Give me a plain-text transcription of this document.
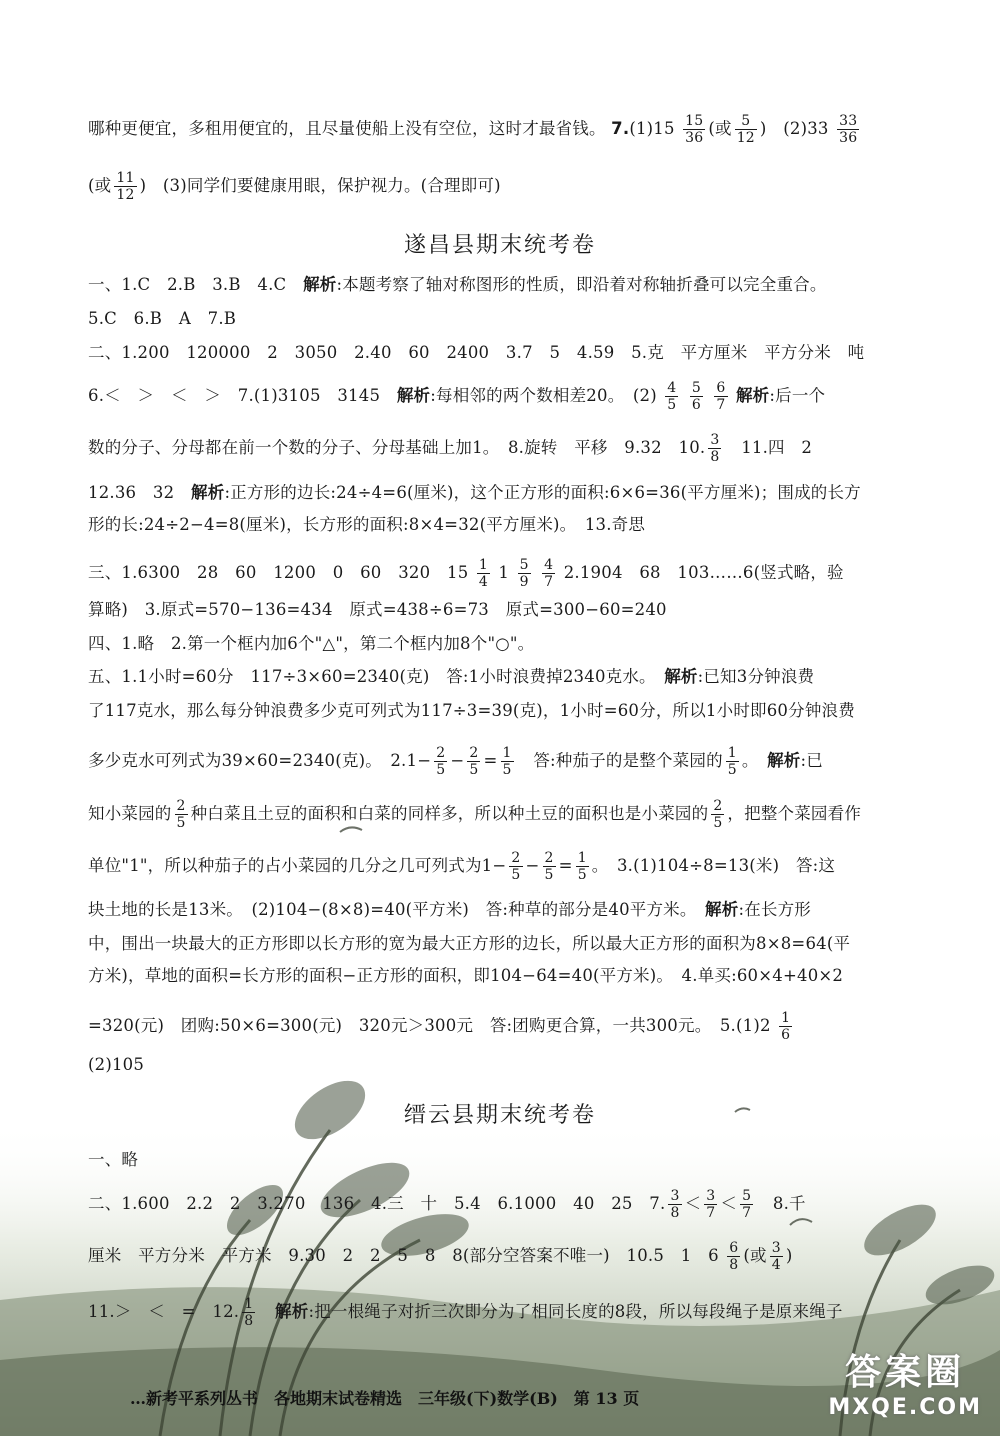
哪种更便宜，多租用便宜的，且尽量使船上没有空位，这时才最省钱。 $7.(1)15 \frac{15}{36}$ (或 $\frac{5}{12}$ )　$(2)33 \frac{33}{36}$
(或 $\frac{11}{12}$ )　(3)同学们要健康用眼，保护视力。(合理即可)
遂昌县期末统考卷
一、1.C　2.B　3.B　4.C　解析:本题考察了轴对称图形的性质，即沿着对称轴折叠可以完全重合。
5.C　6.B　A　7.B
二、1.200　120000　2　3050　2.40　60　2400　3.7　5　4.59　5.克　平方厘米　平方分米　吨
6.＜　＞　＜　＞　7.(1)3105　3145　解析:每相邻的两个数相差20。　$(2) \frac{4}{5}$
$\frac{5}{6}$
$\frac{6}{7}$ 解析:后一个
数的分子、分母都在前一个数的分子、分母基础上加1。　8.旋转　平移　9.32　10. $\frac{3}{8}$
　 11.四　2
12.36　32　解析:正方形的边长:24÷4=6(厘米)，这个正方形的面积:6×6=36(平方厘米)；围成的长方
形的长:24÷2−4=8(厘米)，长方形的面积:8×4=32(平方厘米)。　13.奇思
三、1.6300　28　60　1200　0　60　320　$15 \frac{1}{4} 1 \frac{5}{9}$
$\frac{4}{7} 2.1904$　68　103……6(竖式略，验
算略)　3.原式=570−136=434　原式=438÷6=73　原式=300−60=240
四、1.略　2.第一个框内加6个"△"，第二个框内加8个"○"。
五、1.1小时=60分　117÷3×60=2340(克)　答:1小时浪费掉2340克水。　解析:已知3分钟浪费
了117克水，那么每分钟浪费多少克可列式为117÷3=39(克)，1小时=60分，所以1小时即60分钟浪费
多少克水可列式为39×60=2340(克)。　$2.1- \frac{2}{5} - \frac{2}{5} = \frac{1}{5}$ 　答:种茄子的是整个菜园的 $\frac{1}{5}$ 。　解析:已
知小菜园的 $\frac{2}{5}$ 种白菜且土豆的面积和白菜的同样多，所以种土豆的面积也是小菜园的 $\frac{2}{5}$ ，把整个菜园看作
单位"1"，所以种茄子的占小菜园的几分之几可列式为$1- \frac{2}{5} - \frac{2}{5} = \frac{1}{5}$ 。　3.(1)104÷8=13(米)　答:这
块土地的长是13米。　(2)104−(8×8)=40(平方米)　答:种草的部分是40平方米。　解析:在长方形
中，围出一块最大的正方形即以长方形的宽为最大正方形的边长，所以最大正方形的面积为8×8=64(平
方米)，草地的面积=长方形的面积−正方形的面积，即104−64=40(平方米)。　4.单买:60×4+40×2
=320(元)　团购:50×6=300(元)　320元＞300元　答:团购更合算，一共300元。　$5.(1)2 \frac{1}{6}$
(2)105
缙云县期末统考卷
一、略
二、1.600　2.2　2　3.270　136　4.三　十　5.4　6.1000　40　25　7. $\frac{3}{8} < \frac{3}{7} < \frac{5}{7}$ 　8.千
厘米　平方分米　平方米　9.30　2　2　5　8　8(部分空答案不唯一)　10.5　1　$6 \frac{6}{8}$ (或 $\frac{3}{4}$ )
11.＞　＜　=　12. $\frac{1}{8}$
　 解析:把一根绳子对折三次即分为了相同长度的8段，所以每段绳子是原来绳子
…新考平系列丛书　各地期末试卷精选　三年级(下)数学(B)　第 13 页
答案圈
MXQE.COM
